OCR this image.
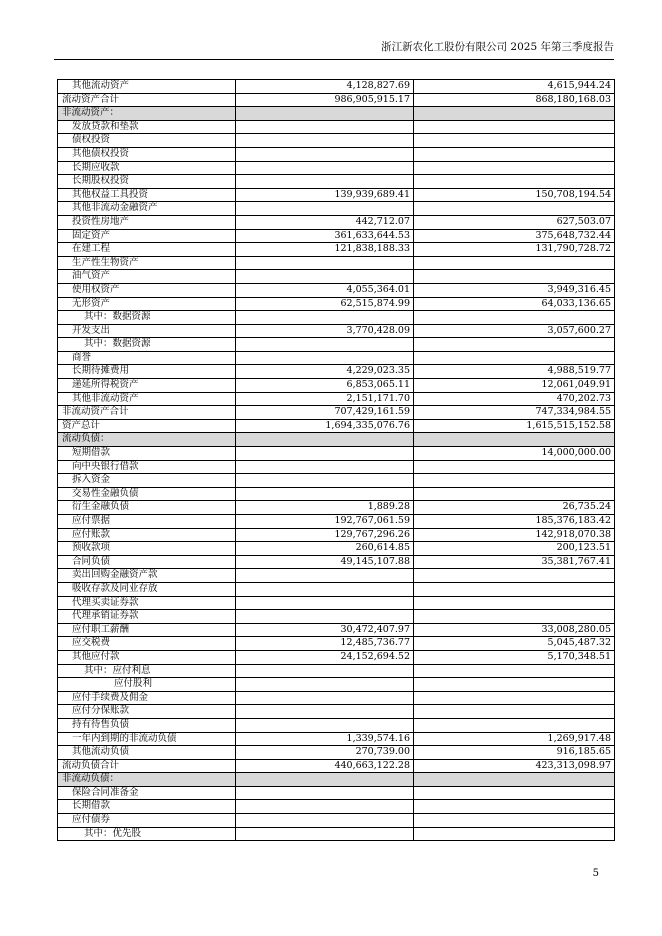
浙江新农化工股份有限公司 2025 年第三季度报告
其他流动资产	4,128,827.69	4,615,944.24
流动资产合计	986,905,915.17	868,180,168.03
非流动资产：		
发放贷款和垫款		
债权投资		
其他债权投资		
长期应收款		
长期股权投资		
其他权益工具投资	139,939,689.41	150,708,194.54
其他非流动金融资产		
投资性房地产	442,712.07	627,503.07
固定资产	361,633,644.53	375,648,732.44
在建工程	121,838,188.33	131,790,728.72
生产性生物资产		
油气资产		
使用权资产	4,055,364.01	3,949,316.45
无形资产	62,515,874.99	64,033,136.65
其中：数据资源		
开发支出	3,770,428.09	3,057,600.27
其中：数据资源		
商誉		
长期待摊费用	4,229,023.35	4,988,519.77
递延所得税资产	6,853,065.11	12,061,049.91
其他非流动资产	2,151,171.70	470,202.73
非流动资产合计	707,429,161.59	747,334,984.55
资产总计	1,694,335,076.76	1,615,515,152.58
流动负债：		
短期借款		14,000,000.00
向中央银行借款		
拆入资金		
交易性金融负债		
衍生金融负债	1,889.28	26,735.24
应付票据	192,767,061.59	185,376,183.42
应付账款	129,767,296.26	142,918,070.38
预收款项	260,614.85	200,123.51
合同负债	49,145,107.88	35,381,767.41
卖出回购金融资产款		
吸收存款及同业存放		
代理买卖证券款		
代理承销证券款		
应付职工薪酬	30,472,407.97	33,008,280.05
应交税费	12,485,736.77	5,045,487.32
其他应付款	24,152,694.52	5,170,348.51
其中：应付利息		
应付股利		
应付手续费及佣金		
应付分保账款		
持有待售负债		
一年内到期的非流动负债	1,339,574.16	1,269,917.48
其他流动负债	270,739.00	916,185.65
流动负债合计	440,663,122.28	423,313,098.97
非流动负债：		
保险合同准备金		
长期借款		
应付债券		
其中：优先股		
5
